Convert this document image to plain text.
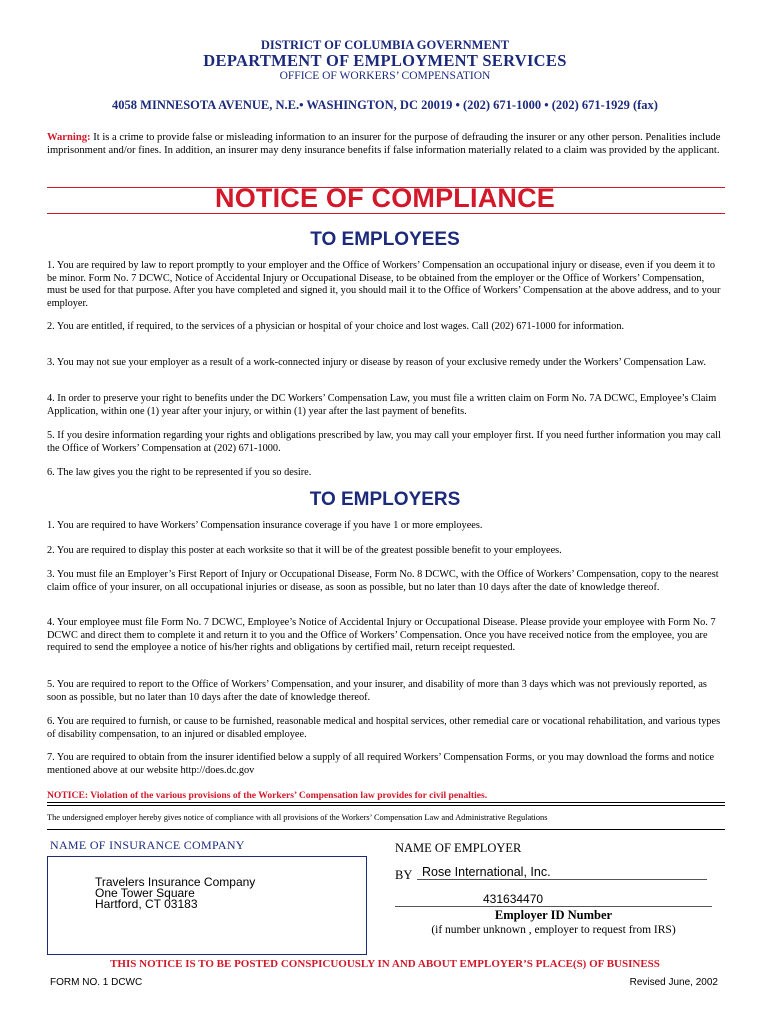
DISTRICT OF COLUMBIA GOVERNMENT
DEPARTMENT OF EMPLOYMENT SERVICES
OFFICE OF WORKERS’ COMPENSATION
4058 MINNESOTA AVENUE, N.E.• WASHINGTON, DC 20019 • (202) 671-1000 • (202) 671-1929 (fax)
Warning: It is a crime to provide false or misleading information to an insurer for the purpose of defrauding the insurer or any other person. Penalities include imprisonment and/or fines. In addition, an insurer may deny insurance benefits if false information materially related to a claim was provided by the applicant.
NOTICE OF COMPLIANCE
TO EMPLOYEES
1. You are required by law to report promptly to your employer and the Office of Workers’ Compensation an occupational injury or disease, even if you deem it to be minor. Form No. 7 DCWC, Notice of Accidental Injury or Occupational Disease, to be obtained from the employer or the Office of Workers’ Compensation, must be used for that purpose. After you have completed and signed it, you should mail it to the Office of Workers’ Compensation at the above address, and to your employer.
2. You are entitled, if required, to the services of a physician or hospital of your choice and lost wages. Call (202) 671-1000 for information.
3. You may not sue your employer as a result of a work-connected injury or disease by reason of your exclusive remedy under the Workers’ Compensation Law.
4. In order to preserve your right to benefits under the DC Workers’ Compensation Law, you must file a written claim on Form No. 7A DCWC, Employee’s Claim Application, within one (1) year after your injury, or within (1) year after the last payment of benefits.
5. If you desire information regarding your rights and obligations prescribed by law, you may call your employer first. If you need further information you may call the Office of Workers’ Compensation at (202) 671-1000.
6. The law gives you the right to be represented if you so desire.
TO EMPLOYERS
1. You are required to have Workers’ Compensation insurance coverage if you have 1 or more employees.
2. You are required to display this poster at each worksite so that it will be of the greatest possible benefit to your employees.
3. You must file an Employer’s First Report of Injury or Occupational Disease, Form No. 8 DCWC, with the Office of Workers’ Compensation, copy to the nearest claim office of your insurer, on all occupational injuries or disease, as soon as possible, but no later than 10 days after the date of knowledge thereof.
4. Your employee must file Form No. 7 DCWC, Employee’s Notice of Accidental Injury or Occupational Disease. Please provide your employee with Form No. 7 DCWC and direct them to complete it and return it to you and the Office of Workers’ Compensation. Once you have received notice from the employee, you are required to send the employee a notice of his/her rights and obligations by certified mail, return receipt requested.
5. You are required to report to the Office of Workers’ Compensation, and your insurer, and disability of more than 3 days which was not previously reported, as soon as possible, but no later than 10 days after the date of knowledge thereof.
6. You are required to furnish, or cause to be furnished, reasonable medical and hospital services, other remedial care or vocational rehabilitation, and various types of disability compensation, to an injured or disabled employee.
7. You are required to obtain from the insurer identified below a supply of all required Workers’ Compensation Forms, or you may download the forms and notice mentioned above at our website http://does.dc.gov
NOTICE: Violation of the various provisions of the Workers’ Compensation law provides for civil penalties.
The undersigned employer hereby gives notice of compliance with all provisions of the Workers’ Compensation Law and Administrative Regulations
NAME OF INSURANCE COMPANY
Travelers Insurance Company
One Tower Square
Hartford, CT 03183
NAME OF EMPLOYER
BY Rose International, Inc.
431634470
Employer ID Number
(if number unknown , employer to request from IRS)
THIS NOTICE IS TO BE POSTED CONSPICUOUSLY IN AND ABOUT EMPLOYER’S PLACE(S) OF BUSINESS
FORM NO. 1 DCWC	Revised June, 2002
